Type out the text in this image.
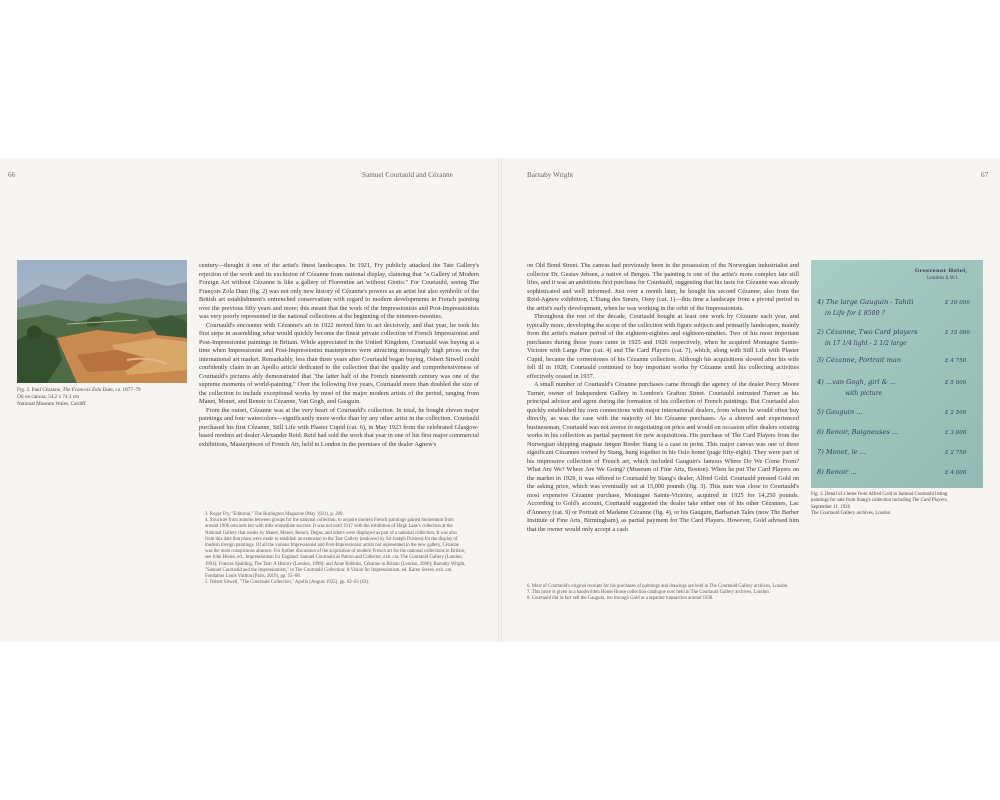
66	Samuel Courtauld and Cézanne
Fig. 2. Paul Cézanne, The Francois Zola Dam, ca. 1877–79
Oil on canvas, 54.2 x 74.3 cm
National Museum Wales, Cardiff

century—thought it one of the artist's finest landscapes. In 1921, Fry publicly attacked the Tate Gallery's rejection of the work and its exclusion of Cézanne from national display, claiming that "a Gallery of Modern Foreign Art without Cézanne is like a gallery of Florentine art without Giotto." For Courtauld, seeing The François Zola Dam (fig. 2) was not only new history of Cézanne's powers as an artist but also symbolic of the British art establishment's entrenched conservatism with regard to modern developments in French painting over the previous fifty years and more; this meant that the work of the Impressionists and Post-Impressionists was very poorly represented in the national collections at the beginning of the nineteen-twenties.

Courtauld's encounter with Cézanne's art in 1922 moved him to act decisively, and that year, he took his first steps in assembling what would quickly become the finest private collection of French Impressionist and Post-Impressionist paintings in Britain. While appreciated in the United Kingdom, Courtauld was buying at a time when Impressionist and Post-Impressionist masterpieces were attracting increasingly high prices on the international art market. Remarkably, less than three years after Courtauld began buying, Osbert Sitwell could confidently claim in an Apollo article dedicated to the collection that the quality and comprehensiveness of Courtauld's pictures ably demonstrated that "the latter half of the French nineteenth century was one of the supreme moments of world-painting." Over the following five years, Courtauld more than doubled the size of the collection to include exceptional works by most of the major modern artists of the period, ranging from Manet, Monet, and Renoir to Cézanne, Van Gogh, and Gauguin.

From the outset, Cézanne was at the very heart of Courtauld's collection. In total, he bought eleven major paintings and four watercolors—significantly more works than by any other artist in the collection. Courtauld purchased his first Cézanne, Still Life with Plaster Cupid (cat. 6), in May 1923 from the celebrated Glasgow-based modern art dealer Alexander Reid. Reid had sold the work that year in one of his first major commercial exhibitions, Masterpieces of French Art, held in London in the premises of the dealer Agnew's

3. Roger Fry, "Editorial," The Burlington Magazine (May 1921), p. 209.
4. Structure from autumn between groups for the national collection, to acquire modern French paintings gained momentum from around 1906 onwards but with little immediate success. It was not until 1917 with the exhibition of Hugh Lane's collection at the National Gallery that works by Manet, Monet, Renoir, Degas, and others were displayed as part of a national collection. It was also from this date that plans were made to establish an extension to the Tate Gallery (endowed by Sir Joseph Duveen) for the display of modern foreign paintings. Of all the various Impressionist and Post-Impressionist artists not represented in the new gallery, Cézanne was the most conspicuous absence. For further discussion of the acquisition of modern French art for the national collections in Britain, see John House, ed., Impressionism for England: Samuel Courtauld as Patron and Collector, exh. cat. The Courtauld Gallery (London, 1994); Frances Spalding, The Tate: A History (London, 1998); and Anne Robbins, Cézanne in Britain (London, 2006); Barnaby Wright, "Samuel Courtauld and the Impressionists," in The Courtauld Collection: A Vision for Impressionism, ed. Karen Serres, exh. cat. Fondation Louis Vuitton (Paris, 2019), pp. 55–68.
5. Osbert Sitwell, "The Courtauld Collection," Apollo (August 1925), pp. 62–63 (63).
Barnaby Wright	67

on Old Bond Street. The canvas had previously been in the possession of the Norwegian industrialist and collector Dr. Gustav Jebsen, a native of Bergen. The painting is one of the artist's more complex late still lifes, and it was an ambitious first purchase for Courtauld, suggesting that his taste for Cézanne was already sophisticated and well informed. Just over a month later, he bought his second Cézanne, also from the Reid-Agnew exhibition, L'Étang des Sœurs, Osny (cat. 1)—this time a landscape from a pivotal period in the artist's early development, when he was working in the orbit of the Impressionists.

Throughout the rest of the decade, Courtauld bought at least one work by Cézanne each year, and typically more, developing the scope of the collection with figure subjects and primarily landscapes, mainly from the artist's mature period of the eighteen-eighties and eighteen-nineties. Two of his most important purchases during those years came in 1925 and 1926 respectively, when he acquired Montagne Sainte-Victoire with Large Pine (cat. 4) and The Card Players (cat. 7), which, along with Still Life with Plaster Cupid, became the cornerstones of his Cézanne collection. Although his acquisitions slowed after his wife fell ill in 1928, Courtauld continued to buy important works by Cézanne until his collecting activities effectively ceased in 1937.

A small number of Courtauld's Cézanne purchases came through the agency of the dealer Percy Moore Turner, owner of Independent Gallery in London's Grafton Street. Courtauld entrusted Turner as his principal advisor and agent during the formation of his collection of French paintings. But Courtauld also quickly established his own connections with major international dealers, from whom he would often buy directly, as was the case with the majority of his Cézanne purchases. As a shrewd and experienced businessman, Courtauld was not averse to negotiating on price and would on occasion offer dealers existing works in his collection as partial payment for new acquisitions. His purchase of The Card Players from the Norwegian shipping magnate Jørgen Breder Stang is a case in point. This major canvas was one of three significant Cézannes owned by Stang, hung together in his Oslo home (page fifty-eight). They were part of his impressive collection of French art, which included Gauguin's famous Where Do We Come From? What Are We? Where Are We Going? (Museum of Fine Arts, Boston). When he put The Card Players on the market in 1929, it was offered to Courtauld by Stang's dealer, Alfred Gold. Courtauld pressed Gold on the asking price, which was eventually set at 15,000 pounds (fig. 3). This sum was close to Courtauld's most expensive Cézanne purchase, Montagne Sainte-Victoire, acquired in 1925 for 14,250 pounds. According to Gold's account, Courtauld suggested the dealer take either one of his other Cézannes, Lac d'Annecy (cat. 9) or Portrait of Madame Cézanne (fig. 4), or his Gauguin, Barbarian Tales (now The Barber Institute of Fine Arts, Birmingham), as partial payment for The Card Players. However, Gold advised him that the owner would only accept a cash

6. Most of Courtauld's original receipts for his purchases of paintings and drawings are held in The Courtauld Gallery archives, London.
7. This price is given in a handwritten Home House collection catalogue now held in The Courtauld Gallery archives, London.
8. Courtauld did in fact sell the Gauguin, too through Gold at a separate transaction around 1930.
Grosvenor Hotel,
London S.W.1.
4) The large Gauguin - Tahiti
in Life for £ 8500 ?
2) Cézanne, Two Card players
in 17 1/4 light - 2 1/2 large
3) Cézanne, Portrait man
4) ...van Gogh, girl & ...
with picture
5) Gauguin ...
6) Renoir, Baigneuses ...
7) Monet, le ...
8) Renoir ...
£ 10 000
£ 15 000
£ 4 750
£ 5 000
£ 2 500
£ 3 000
£ 2 750
£ 4 000
Fig. 3. Detail of a letter from Alfred Gold to Samuel Courtauld listing
paintings for sale from Stang's collection including The Card Players,
September 11, 1926
The Courtauld Gallery archives, London
